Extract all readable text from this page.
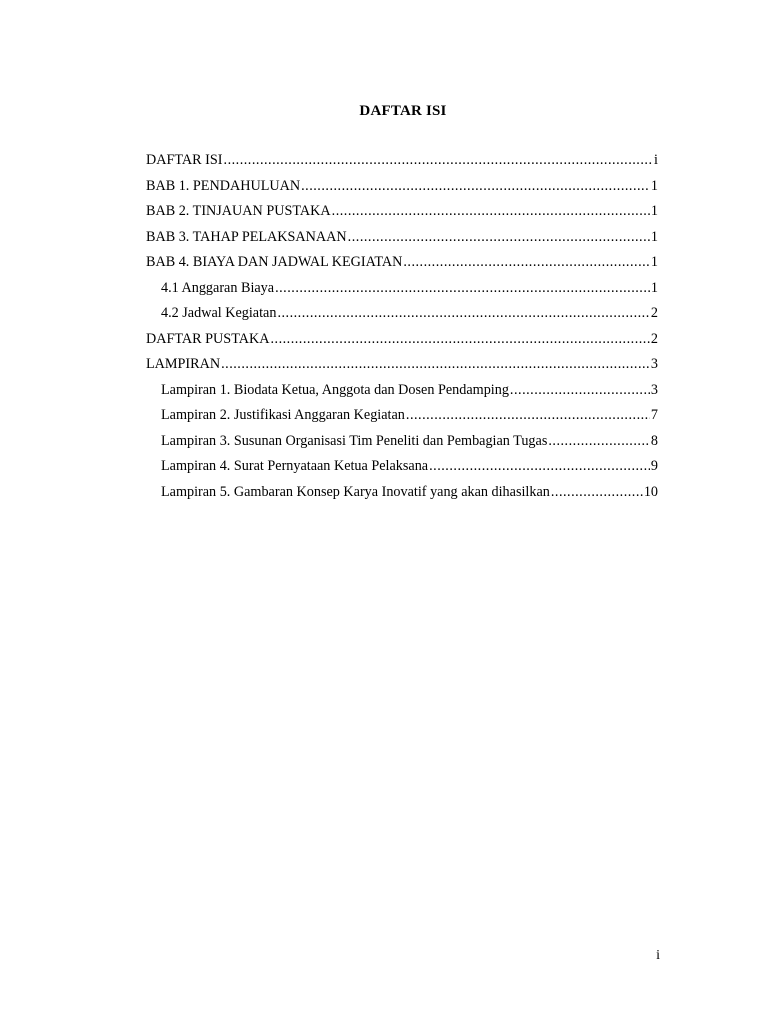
DAFTAR ISI
DAFTAR ISI .....	i
BAB 1. PENDAHULUAN .....	1
BAB 2. TINJAUAN PUSTAKA .....	1
BAB 3. TAHAP PELAKSANAAN .....	1
BAB 4. BIAYA DAN JADWAL KEGIATAN .....	1
4.1 Anggaran Biaya .....	1
4.2 Jadwal Kegiatan .....	2
DAFTAR PUSTAKA .....	2
LAMPIRAN .....	3
Lampiran 1. Biodata Ketua, Anggota dan Dosen Pendamping .....	3
Lampiran 2. Justifikasi Anggaran Kegiatan .....	7
Lampiran 3. Susunan Organisasi Tim Peneliti dan Pembagian Tugas .....	8
Lampiran 4. Surat Pernyataan Ketua Pelaksana .....	9
Lampiran 5. Gambaran Konsep Karya Inovatif yang akan dihasilkan .....	10
i
